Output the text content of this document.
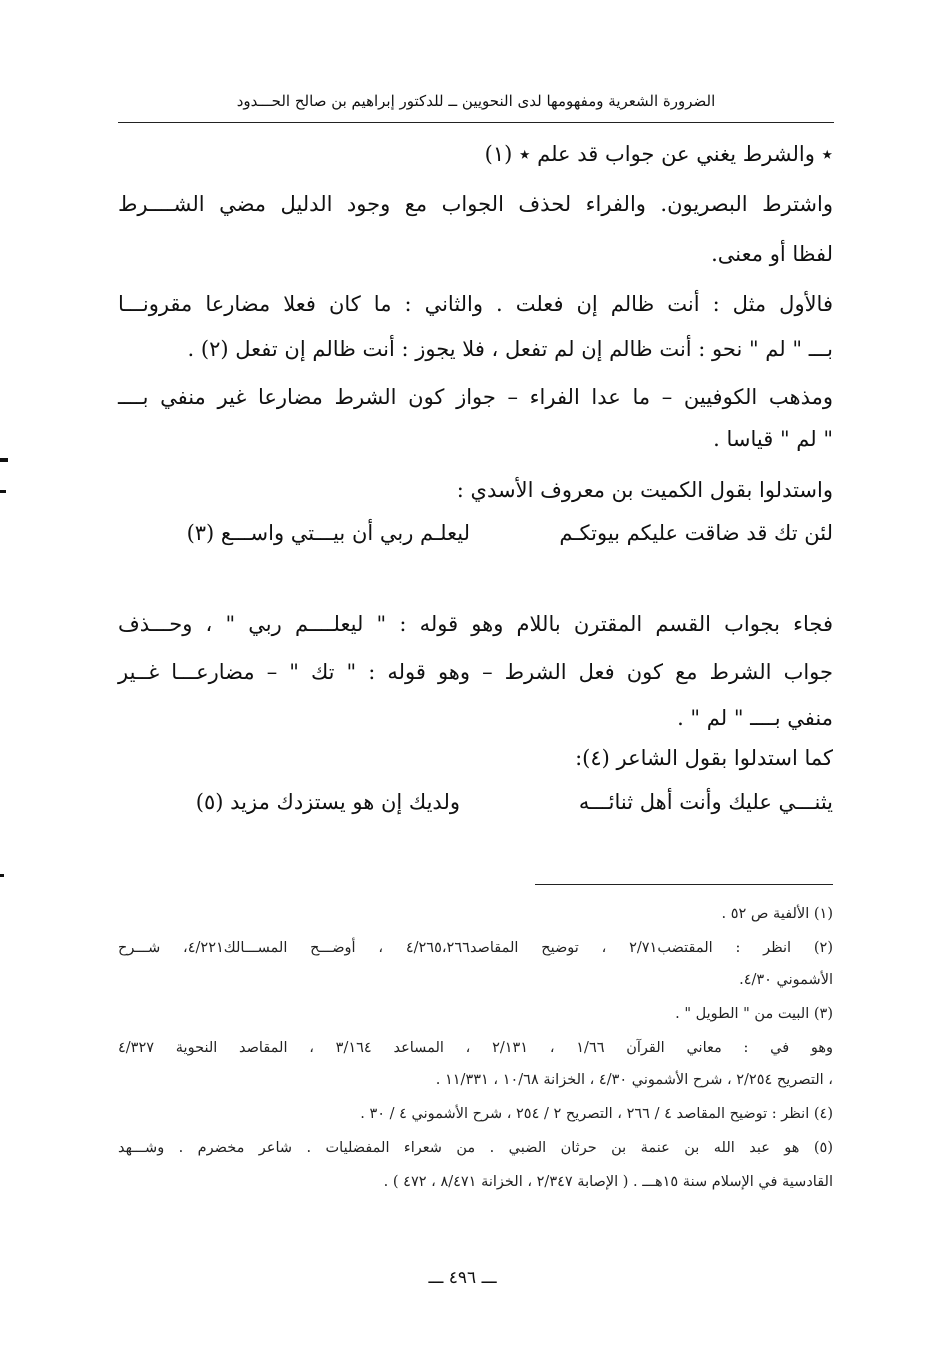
الضرورة الشعرية ومفهومها لدى النحويين ــ للدكتور إبراهيم بن صالح الحـــدود
٭ والشرط يغني عن جواب قد علم ٭ (١)
واشترط البصريون. والفراء لحذف الجواب مع وجود الدليل مضي الشــــرط
لفظا أو معنى.
فالأول مثل : أنت ظالم إن فعلت . والثاني : ما كان فعلا مضارعا مقرونـــا
بـــ " لم " نحو : أنت ظالم إن لم تفعل ، فلا يجوز : أنت ظالم إن تفعل (٢) .
ومذهب الكوفيين – ما عدا الفراء – جواز كون الشرط مضارعا غير منفي بــــ
" لم " قياسا .
واستدلوا بقول الكميت بن معروف الأسدي :
لئن تك قد ضاقت عليكم بيوتكـم
ليعلـم ربي أن بيـــتي واســـع (٣)
فجاء بجواب القسم المقترن باللام وهو قوله : " ليعلــــم ربي " ، وحـــذف
جواب الشرط مع كون فعل الشرط – وهو قوله : " تك " – مضارعـــا غــير
منفي بــــ " لم " .
كما استدلوا بقول الشاعر (٤):
يثنـــي عليك وأنت أهل ثنائـــه
ولديك إن هو يستزدك مزيد (٥)
(١) الألفية ص ٥٢ .
(٢) انظر : المقتضب٢/٧١ ، توضيح المقاصد٤/٢٦٥،٢٦٦ ، أوضـــح المســـالك٤/٢٢١، شـــرح
الأشموني ٤/٣٠.
(٣) البيت من " الطويل " .
وهو في : معاني القرآن ١/٦٦ ، ٢/١٣١ ، المساعد ٣/١٦٤ ، المقاصد النحوية ٤/٣٢٧
، التصريح ٢/٢٥٤ ، شرح الأشموني ٤/٣٠ ، الخزانة ١٠/٦٨ ، ١١/٣٣١ .
(٤) انظر : توضيح المقاصد ٤ / ٢٦٦ ، التصريح ٢ / ٢٥٤ ، شرح الأشموني ٤ / ٣٠ .
(٥) هو عبد الله بن عنمة بن حرثان الضبي . من شعراء المفضليات . شاعر مخضرم . وشـــهد
القادسية في الإسلام سنة ١٥هـــ . ( الإصابة ٢/٣٤٧ ، الخزانة ٨/٤٧١ ، ٤٧٢ ) .
ـــ ٤٩٦ ـــ
